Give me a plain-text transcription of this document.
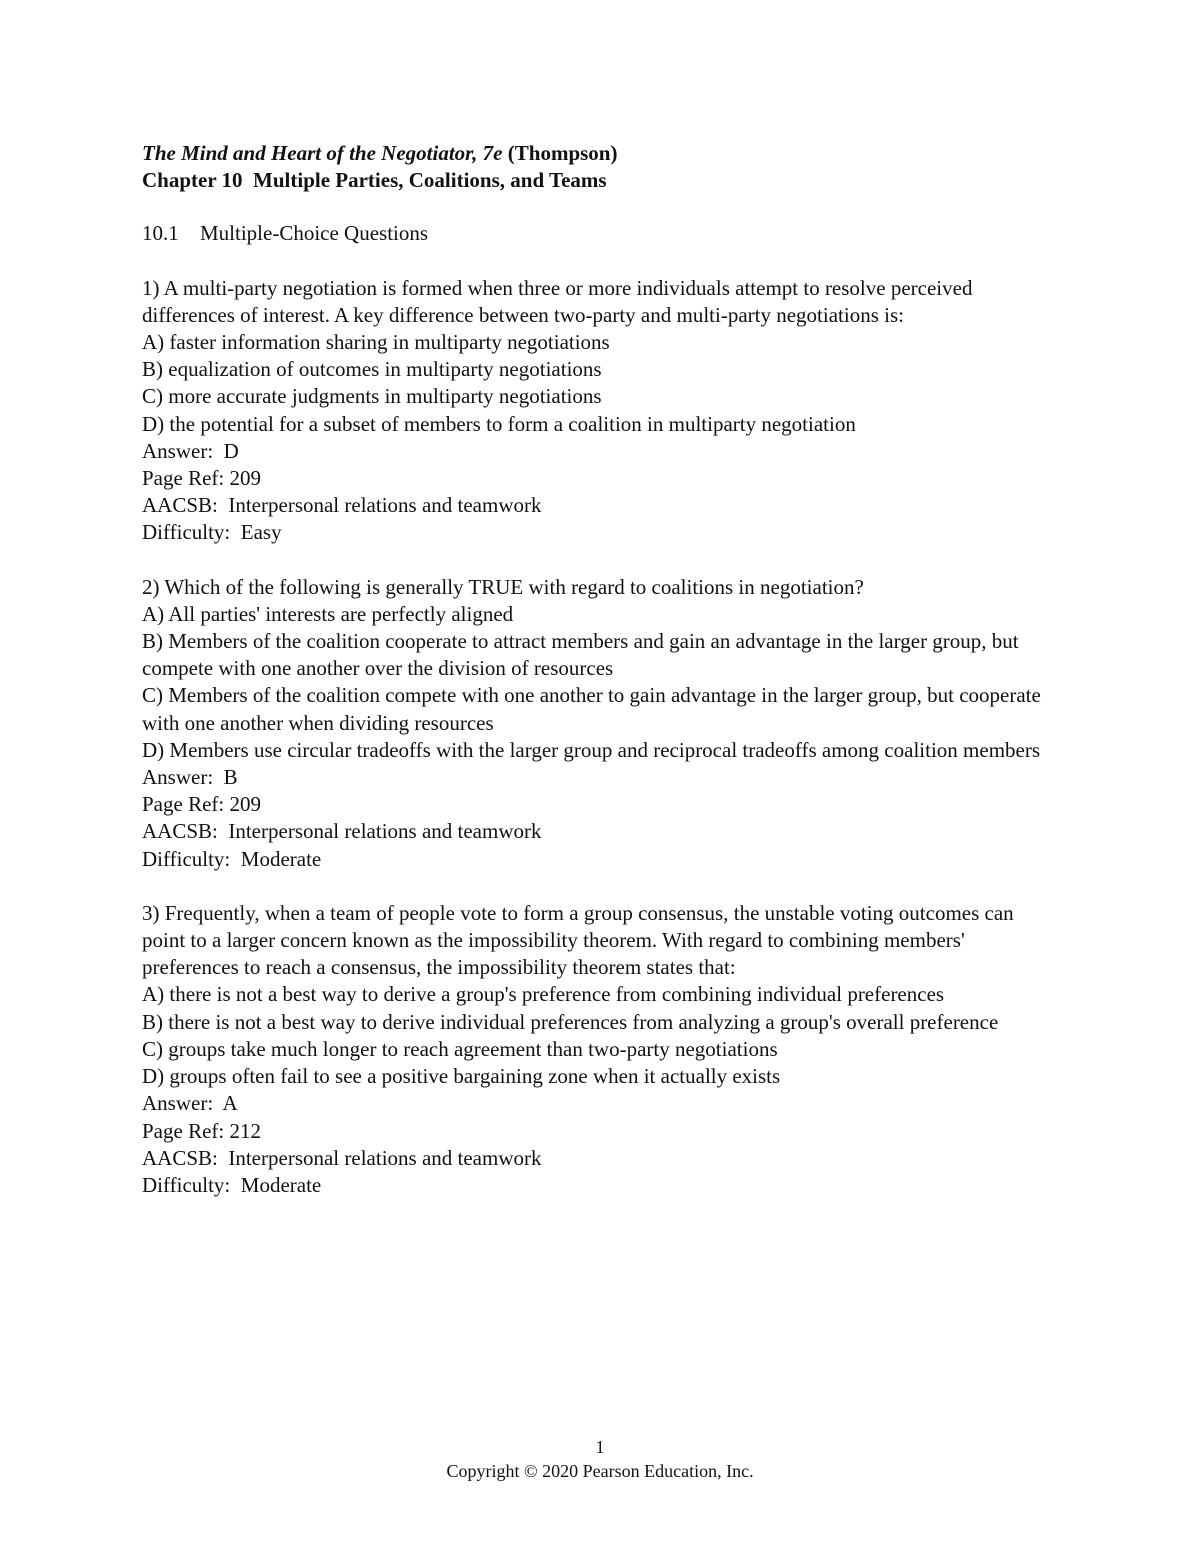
The Mind and Heart of the Negotiator, 7e (Thompson)
Chapter 10  Multiple Parties, Coalitions, and Teams
10.1 Multiple-Choice Questions
1) A multi-party negotiation is formed when three or more individuals attempt to resolve perceived differences of interest. A key difference between two-party and multi-party negotiations is:
A) faster information sharing in multiparty negotiations
B) equalization of outcomes in multiparty negotiations
C) more accurate judgments in multiparty negotiations
D) the potential for a subset of members to form a coalition in multiparty negotiation
Answer:  D
Page Ref: 209
AACSB:  Interpersonal relations and teamwork
Difficulty:  Easy
2) Which of the following is generally TRUE with regard to coalitions in negotiation?
A) All parties' interests are perfectly aligned
B) Members of the coalition cooperate to attract members and gain an advantage in the larger group, but compete with one another over the division of resources
C) Members of the coalition compete with one another to gain advantage in the larger group, but cooperate with one another when dividing resources
D) Members use circular tradeoffs with the larger group and reciprocal tradeoffs among coalition members
Answer:  B
Page Ref: 209
AACSB:  Interpersonal relations and teamwork
Difficulty:  Moderate
3) Frequently, when a team of people vote to form a group consensus, the unstable voting outcomes can point to a larger concern known as the impossibility theorem. With regard to combining members' preferences to reach a consensus, the impossibility theorem states that:
A) there is not a best way to derive a group's preference from combining individual preferences
B) there is not a best way to derive individual preferences from analyzing a group's overall preference
C) groups take much longer to reach agreement than two-party negotiations
D) groups often fail to see a positive bargaining zone when it actually exists
Answer:  A
Page Ref: 212
AACSB:  Interpersonal relations and teamwork
Difficulty:  Moderate
1
Copyright © 2020 Pearson Education, Inc.
